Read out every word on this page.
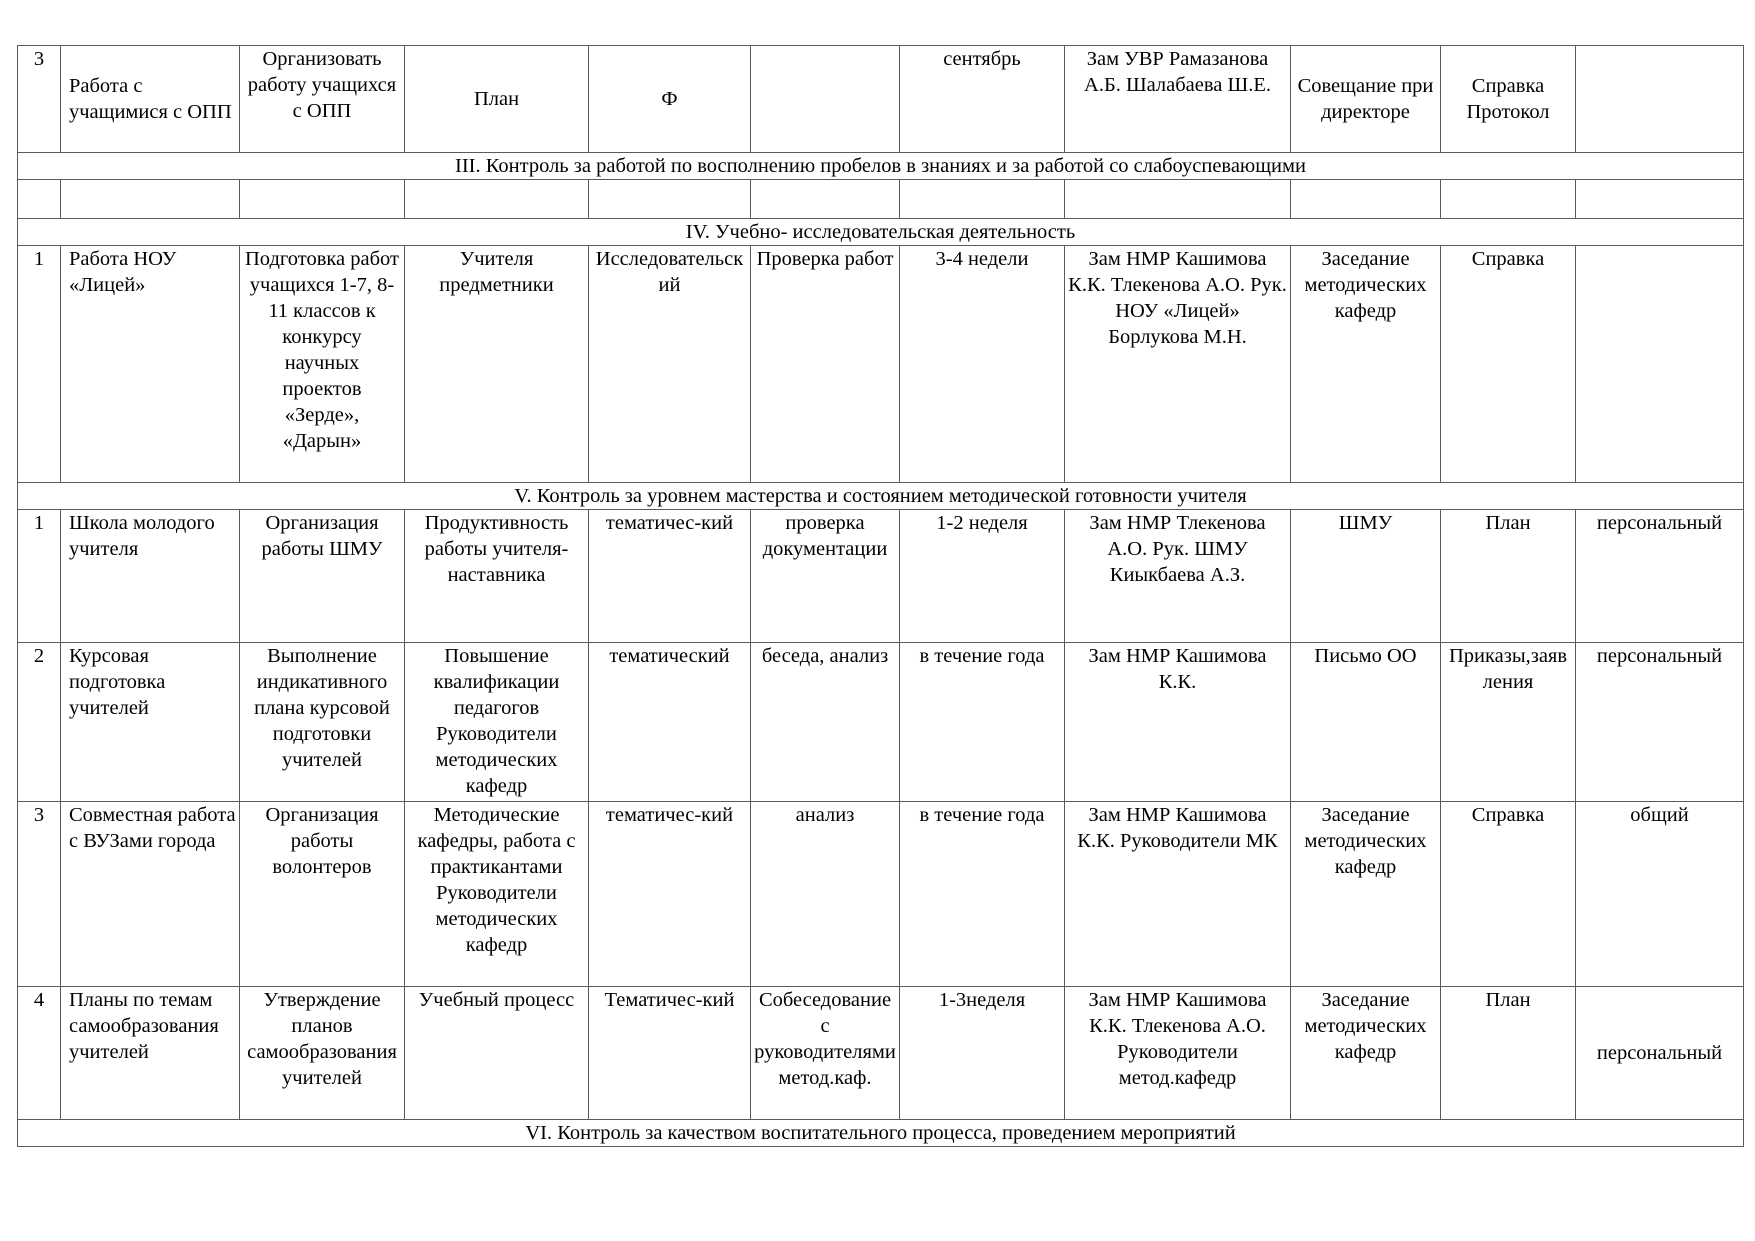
3	Работа с учащимися с ОПП	Организовать работу учащихся с ОПП	План	Ф		сентябрь	Зам УВР Рамазанова А.Б. Шалабаева Ш.Е.	Совещание при директоре	Справка Протокол	
III. Контроль за работой по восполнению пробелов в знаниях и за работой со слабоуспевающими										

IV. Учебно- исследовательская деятельность										
1	Работа НОУ «Лицей»	Подготовка работ учащихся 1-7, 8-11 классов к конкурсу научных проектов «Зерде», «Дарын»	Учителя предметники	Исследовательский	Проверка работ	3-4 недели	Зам НМР Кашимова К.К. Тлекенова А.О. Рук. НОУ «Лицей» Борлукова М.Н.	Заседание методических кафедр	Справка	
V. Контроль за уровнем мастерства и состоянием методической готовности учителя										
1	Школа молодого учителя	Организация работы ШМУ	Продуктивность работы учителя-наставника	тематичес-кий	проверка документации	1-2 неделя	Зам НМР Тлекенова А.О. Рук. ШМУ Киыкбаева А.З.	ШМУ	План	персональный
2	Курсовая подготовка учителей	Выполнение индикативного плана курсовой подготовки учителей	Повышение квалификации педагогов Руководители методических кафедр	тематический	беседа, анализ	в течение года	Зам НМР Кашимова К.К.	Письмо ОО	Приказы,заявления	персональный
3	Совместная работа с ВУЗами города	Организация работы волонтеров	Методические кафедры, работа с практикантами Руководители методических кафедр	тематичес-кий	анализ	в течение года	Зам НМР Кашимова К.К. Руководители МК	Заседание методических кафедр	Справка	общий
4	Планы по темам самообразования учителей	Утверждение планов самообразования учителей	Учебный процесс	Тематичес-кий	Собеседование с руководителями метод.каф.	1-3неделя	Зам НМР Кашимова К.К. Тлекенова А.О. Руководители метод.кафедр	Заседание методических кафедр	План	персональный
VI. Контроль за качеством воспитательного процесса, проведением мероприятий										
